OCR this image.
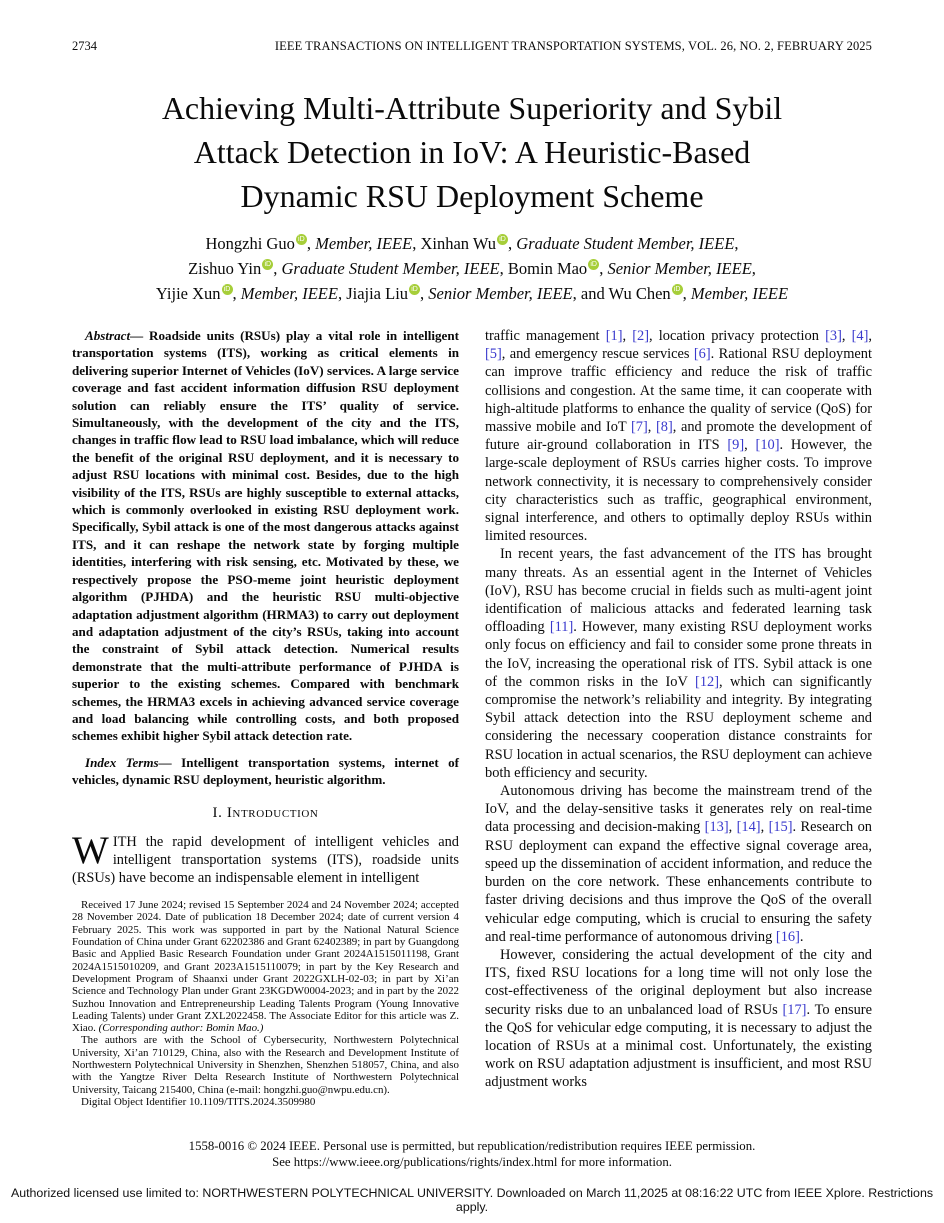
2734	IEEE TRANSACTIONS ON INTELLIGENT TRANSPORTATION SYSTEMS, VOL. 26, NO. 2, FEBRUARY 2025
Achieving Multi-Attribute Superiority and Sybil
Attack Detection in IoV: A Heuristic-Based
Dynamic RSU Deployment Scheme
Hongzhi Guo iD , Member, IEEE, Xinhan Wu iD , Graduate Student Member, IEEE,
Zishuo Yin iD , Graduate Student Member, IEEE, Bomin Mao iD , Senior Member, IEEE,
Yijie Xun iD , Member, IEEE, Jiajia Liu iD , Senior Member, IEEE, and Wu Chen iD , Member, IEEE

Abstract— Roadside units (RSUs) play a vital role in intelligent transportation systems (ITS), working as critical elements in delivering superior Internet of Vehicles (IoV) services. A large service coverage and fast accident information diffusion RSU deployment solution can reliably ensure the ITS’ quality of service. Simultaneously, with the development of the city and the ITS, changes in traffic flow lead to RSU load imbalance, which will reduce the benefit of the original RSU deployment, and it is necessary to adjust RSU locations with minimal cost. Besides, due to the high visibility of the ITS, RSUs are highly susceptible to external attacks, which is commonly overlooked in existing RSU deployment work. Specifically, Sybil attack is one of the most dangerous attacks against ITS, and it can reshape the network state by forging multiple identities, interfering with risk sensing, etc. Motivated by these, we respectively propose the PSO-meme joint heuristic deployment algorithm (PJHDA) and the heuristic RSU multi-objective adaptation adjustment algorithm (HRMA3) to carry out deployment and adaptation adjustment of the city’s RSUs, taking into account the constraint of Sybil attack detection. Numerical results demonstrate that the multi-attribute performance of PJHDA is superior to the existing schemes. Compared with benchmark schemes, the HRMA3 excels in achieving advanced service coverage and load balancing while controlling costs, and both proposed schemes exhibit higher Sybil attack detection rate.

Index Terms— Intelligent transportation systems, internet of vehicles, dynamic RSU deployment, heuristic algorithm.

I. Introduction

WITH the rapid development of intelligent vehicles and intelligent transportation systems (ITS), roadside units (RSUs) have become an indispensable element in intelligent

Received 17 June 2024; revised 15 September 2024 and 24 November 2024; accepted 28 November 2024. Date of publication 18 December 2024; date of current version 4 February 2025. This work was supported in part by the National Natural Science Foundation of China under Grant 62202386 and Grant 62402389; in part by Guangdong Basic and Applied Basic Research Foundation under Grant 2024A1515011198, Grant 2024A1515010209, and Grant 2023A1515110079; in part by the Key Research and Development Program of Shaanxi under Grant 2022GXLH-02-03; in part by Xi’an Science and Technology Plan under Grant 23KGDW0004-2023; and in part by the 2022 Suzhou Innovation and Entrepreneurship Leading Talents Program (Young Innovative Leading Talents) under Grant ZXL2022458. The Associate Editor for this article was Z. Xiao. (Corresponding author: Bomin Mao.)

The authors are with the School of Cybersecurity, Northwestern Polytechnical University, Xi’an 710129, China, also with the Research and Development Institute of Northwestern Polytechnical University in Shenzhen, Shenzhen 518057, China, and also with the Yangtze River Delta Research Institute of Northwestern Polytechnical University, Taicang 215400, China (e-mail: hongzhi.guo@nwpu.edu.cn).

Digital Object Identifier 10.1109/TITS.2024.3509980

traffic management [1], [2], location privacy protection [3], [4], [5], and emergency rescue services [6]. Rational RSU deployment can improve traffic efficiency and reduce the risk of traffic collisions and congestion. At the same time, it can cooperate with high-altitude platforms to enhance the quality of service (QoS) for massive mobile and IoT [7], [8], and promote the development of future air-ground collaboration in ITS [9], [10]. However, the large-scale deployment of RSUs carries higher costs. To improve network connectivity, it is necessary to comprehensively consider city characteristics such as traffic, geographical environment, signal interference, and others to optimally deploy RSUs within limited resources.

In recent years, the fast advancement of the ITS has brought many threats. As an essential agent in the Internet of Vehicles (IoV), RSU has become crucial in fields such as multi-agent joint identification of malicious attacks and federated learning task offloading [11]. However, many existing RSU deployment works only focus on efficiency and fail to consider some prone threats in the IoV, increasing the operational risk of ITS. Sybil attack is one of the common risks in the IoV [12], which can significantly compromise the network’s reliability and integrity. By integrating Sybil attack detection into the RSU deployment scheme and considering the necessary cooperation distance constraints for RSU location in actual scenarios, the RSU deployment can achieve both efficiency and security.

Autonomous driving has become the mainstream trend of the IoV, and the delay-sensitive tasks it generates rely on real-time data processing and decision-making [13], [14], [15]. Research on RSU deployment can expand the effective signal coverage area, speed up the dissemination of accident information, and reduce the burden on the core network. These enhancements contribute to faster driving decisions and thus improve the QoS of the overall vehicular edge computing, which is crucial to ensuring the safety and real-time performance of autonomous driving [16].

However, considering the actual development of the city and ITS, fixed RSU locations for a long time will not only lose the cost-effectiveness of the original deployment but also increase security risks due to an unbalanced load of RSUs [17]. To ensure the QoS for vehicular edge computing, it is necessary to adjust the location of RSUs at a minimal cost. Unfortunately, the existing work on RSU adaptation adjustment is insufficient, and most RSU adjustment works

1558-0016 © 2024 IEEE. Personal use is permitted, but republication/redistribution requires IEEE permission.
See https://www.ieee.org/publications/rights/index.html for more information.
Authorized licensed use limited to: NORTHWESTERN POLYTECHNICAL UNIVERSITY. Downloaded on March 11,2025 at 08:16:22 UTC from IEEE Xplore. Restrictions apply.
